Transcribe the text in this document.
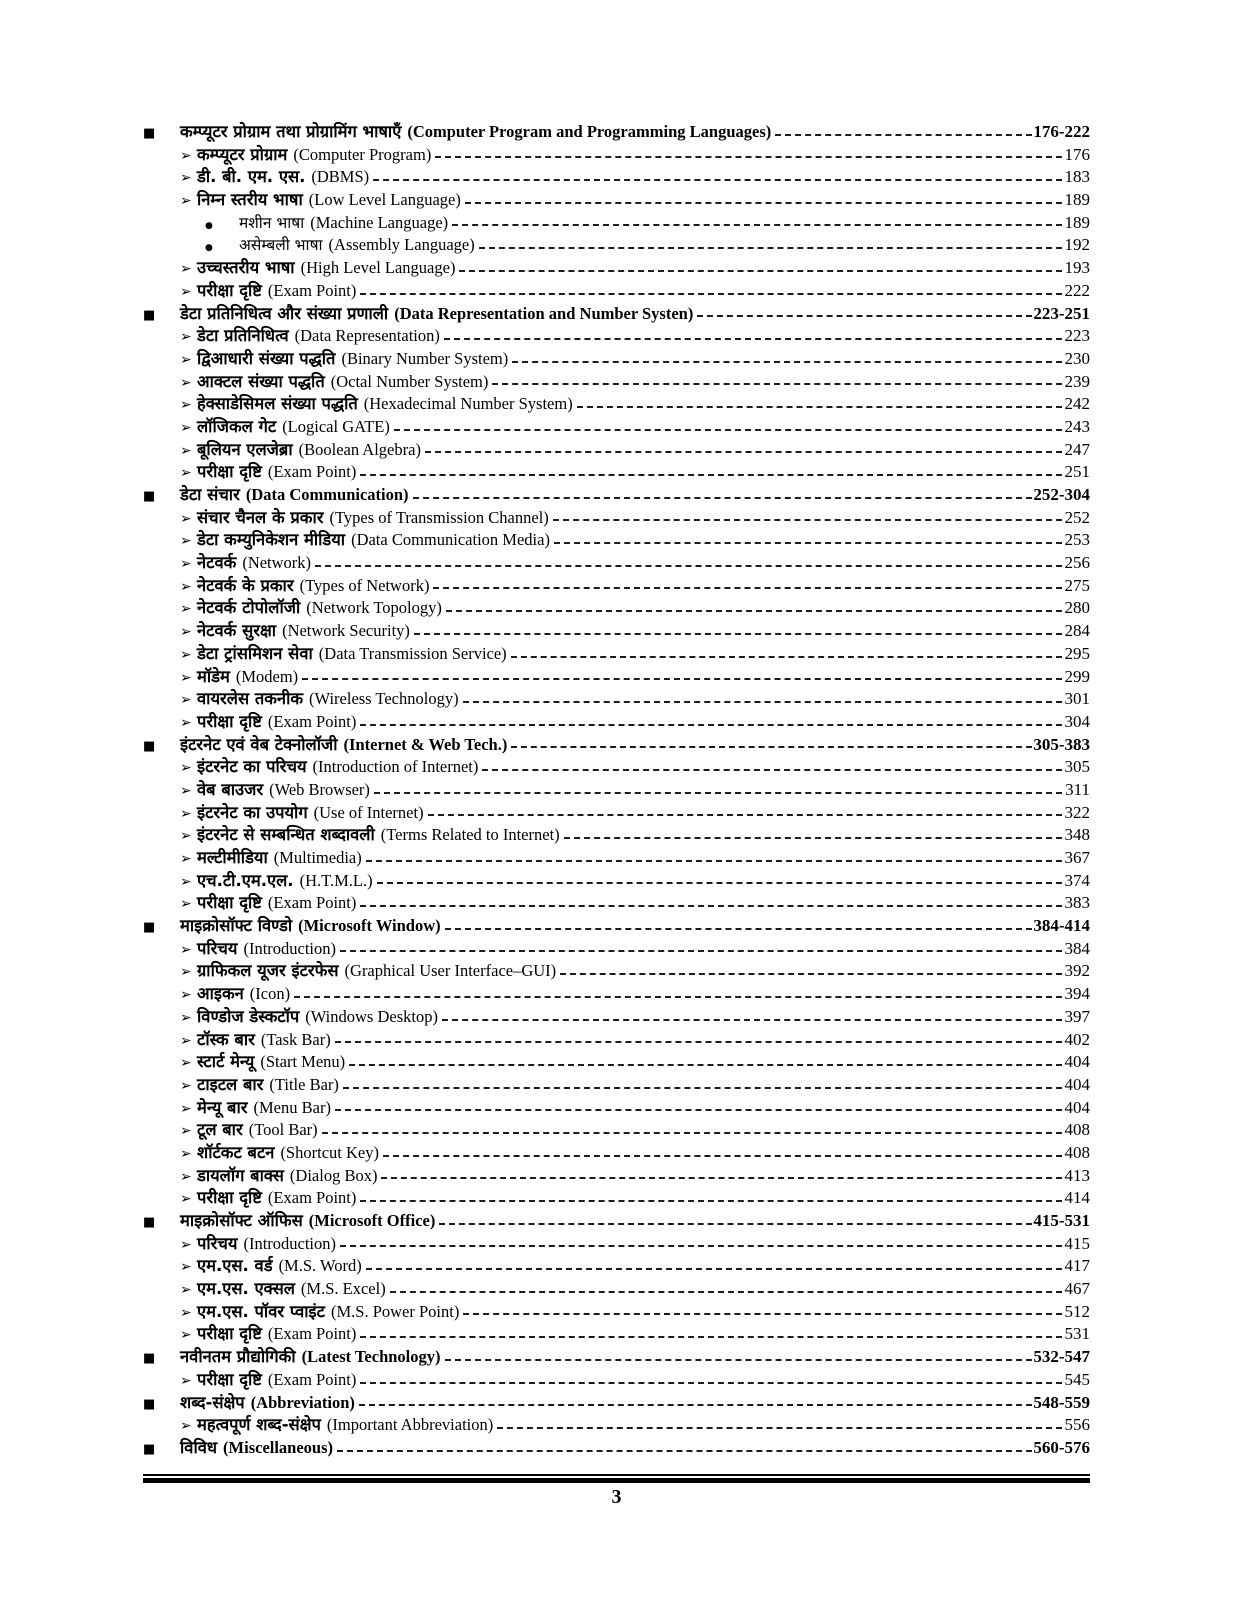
■	कम्प्यूटर प्रोग्राम तथा प्रोग्रामिंग भाषाएँ (Computer Program and Programming Languages)	176-222
➢ कम्प्यूटर प्रोग्राम (Computer Program)	176
➢ डी. बी. एम. एस. (DBMS)	183
➢ निम्न स्तरीय भाषा (Low Level Language)	189
●	मशीन भाषा (Machine Language)	189
●	असेम्बली भाषा (Assembly Language)	192
➢ उच्चस्तरीय भाषा (High Level Language)	193
➢ परीक्षा दृष्टि (Exam Point)	222
■	डेटा प्रतिनिधित्व और संख्या प्रणाली (Data Representation and Number Systen)	223-251
➢ डेटा प्रतिनिधित्व (Data Representation)	223
➢ द्विआधारी संख्या पद्धति (Binary Number System)	230
➢ आक्टल संख्या पद्धति (Octal Number System)	239
➢ हेक्साडेसिमल संख्या पद्धति (Hexadecimal Number System)	242
➢ लॉजिकल गेट (Logical GATE)	243
➢ बूलियन एलजेब्रा (Boolean Algebra)	247
➢ परीक्षा दृष्टि (Exam Point)	251
■	डेटा संचार (Data Communication)	252-304
➢ संचार चैनल के प्रकार (Types of Transmission Channel)	252
➢ डेटा कम्युनिकेशन मीडिया (Data Communication Media)	253
➢ नेटवर्क (Network)	256
➢ नेटवर्क के प्रकार (Types of Network)	275
➢ नेटवर्क टोपोलॉजी (Network Topology)	280
➢ नेटवर्क सुरक्षा (Network Security)	284
➢ डेटा ट्रांसमिशन सेवा (Data Transmission Service)	295
➢ मॉडेम (Modem)	299
➢ वायरलेस तकनीक (Wireless Technology)	301
➢ परीक्षा दृष्टि (Exam Point)	304
■	इंटरनेट एवं वेब टेक्नोलॉजी (Internet & Web Tech.)	305-383
➢ इंटरनेट का परिचय (Introduction of Internet)	305
➢ वेब बाउजर (Web Browser)	311
➢ इंटरनेट का उपयोग (Use of Internet)	322
➢ इंटरनेट से सम्बन्धित शब्दावली (Terms Related to Internet)	348
➢ मल्टीमीडिया (Multimedia)	367
➢ एच.टी.एम.एल. (H.T.M.L.)	374
➢ परीक्षा दृष्टि (Exam Point)	383
■	माइक्रोसॉफ्ट विण्डो (Microsoft Window)	384-414
➢ परिचय (Introduction)	384
➢ ग्राफिकल यूजर इंटरफेस (Graphical User Interface–GUI)	392
➢ आइकन (Icon)	394
➢ विण्डोज डेस्कटॉप (Windows Desktop)	397
➢ टॉस्क बार (Task Bar)	402
➢ स्टार्ट मेन्यू (Start Menu)	404
➢ टाइटल बार (Title Bar)	404
➢ मेन्यू बार (Menu Bar)	404
➢ टूल बार (Tool Bar)	408
➢ शॉर्टकट बटन (Shortcut Key)	408
➢ डायलॉग बाक्स (Dialog Box)	413
➢ परीक्षा दृष्टि (Exam Point)	414
■	माइक्रोसॉफ्ट ऑफिस (Microsoft Office)	415-531
➢ परिचय (Introduction)	415
➢ एम.एस. वर्ड (M.S. Word)	417
➢ एम.एस. एक्सल (M.S. Excel)	467
➢ एम.एस. पॉवर प्वाइंट (M.S. Power Point)	512
➢ परीक्षा दृष्टि (Exam Point)	531
■	नवीनतम प्रौद्योगिकी (Latest Technology)	532-547
➢ परीक्षा दृष्टि (Exam Point)	545
■	शब्द-संक्षेप (Abbreviation)	548-559
➢ महत्वपूर्ण शब्द-संक्षेप (Important Abbreviation)	556
■	विविध (Miscellaneous)	560-576
3
